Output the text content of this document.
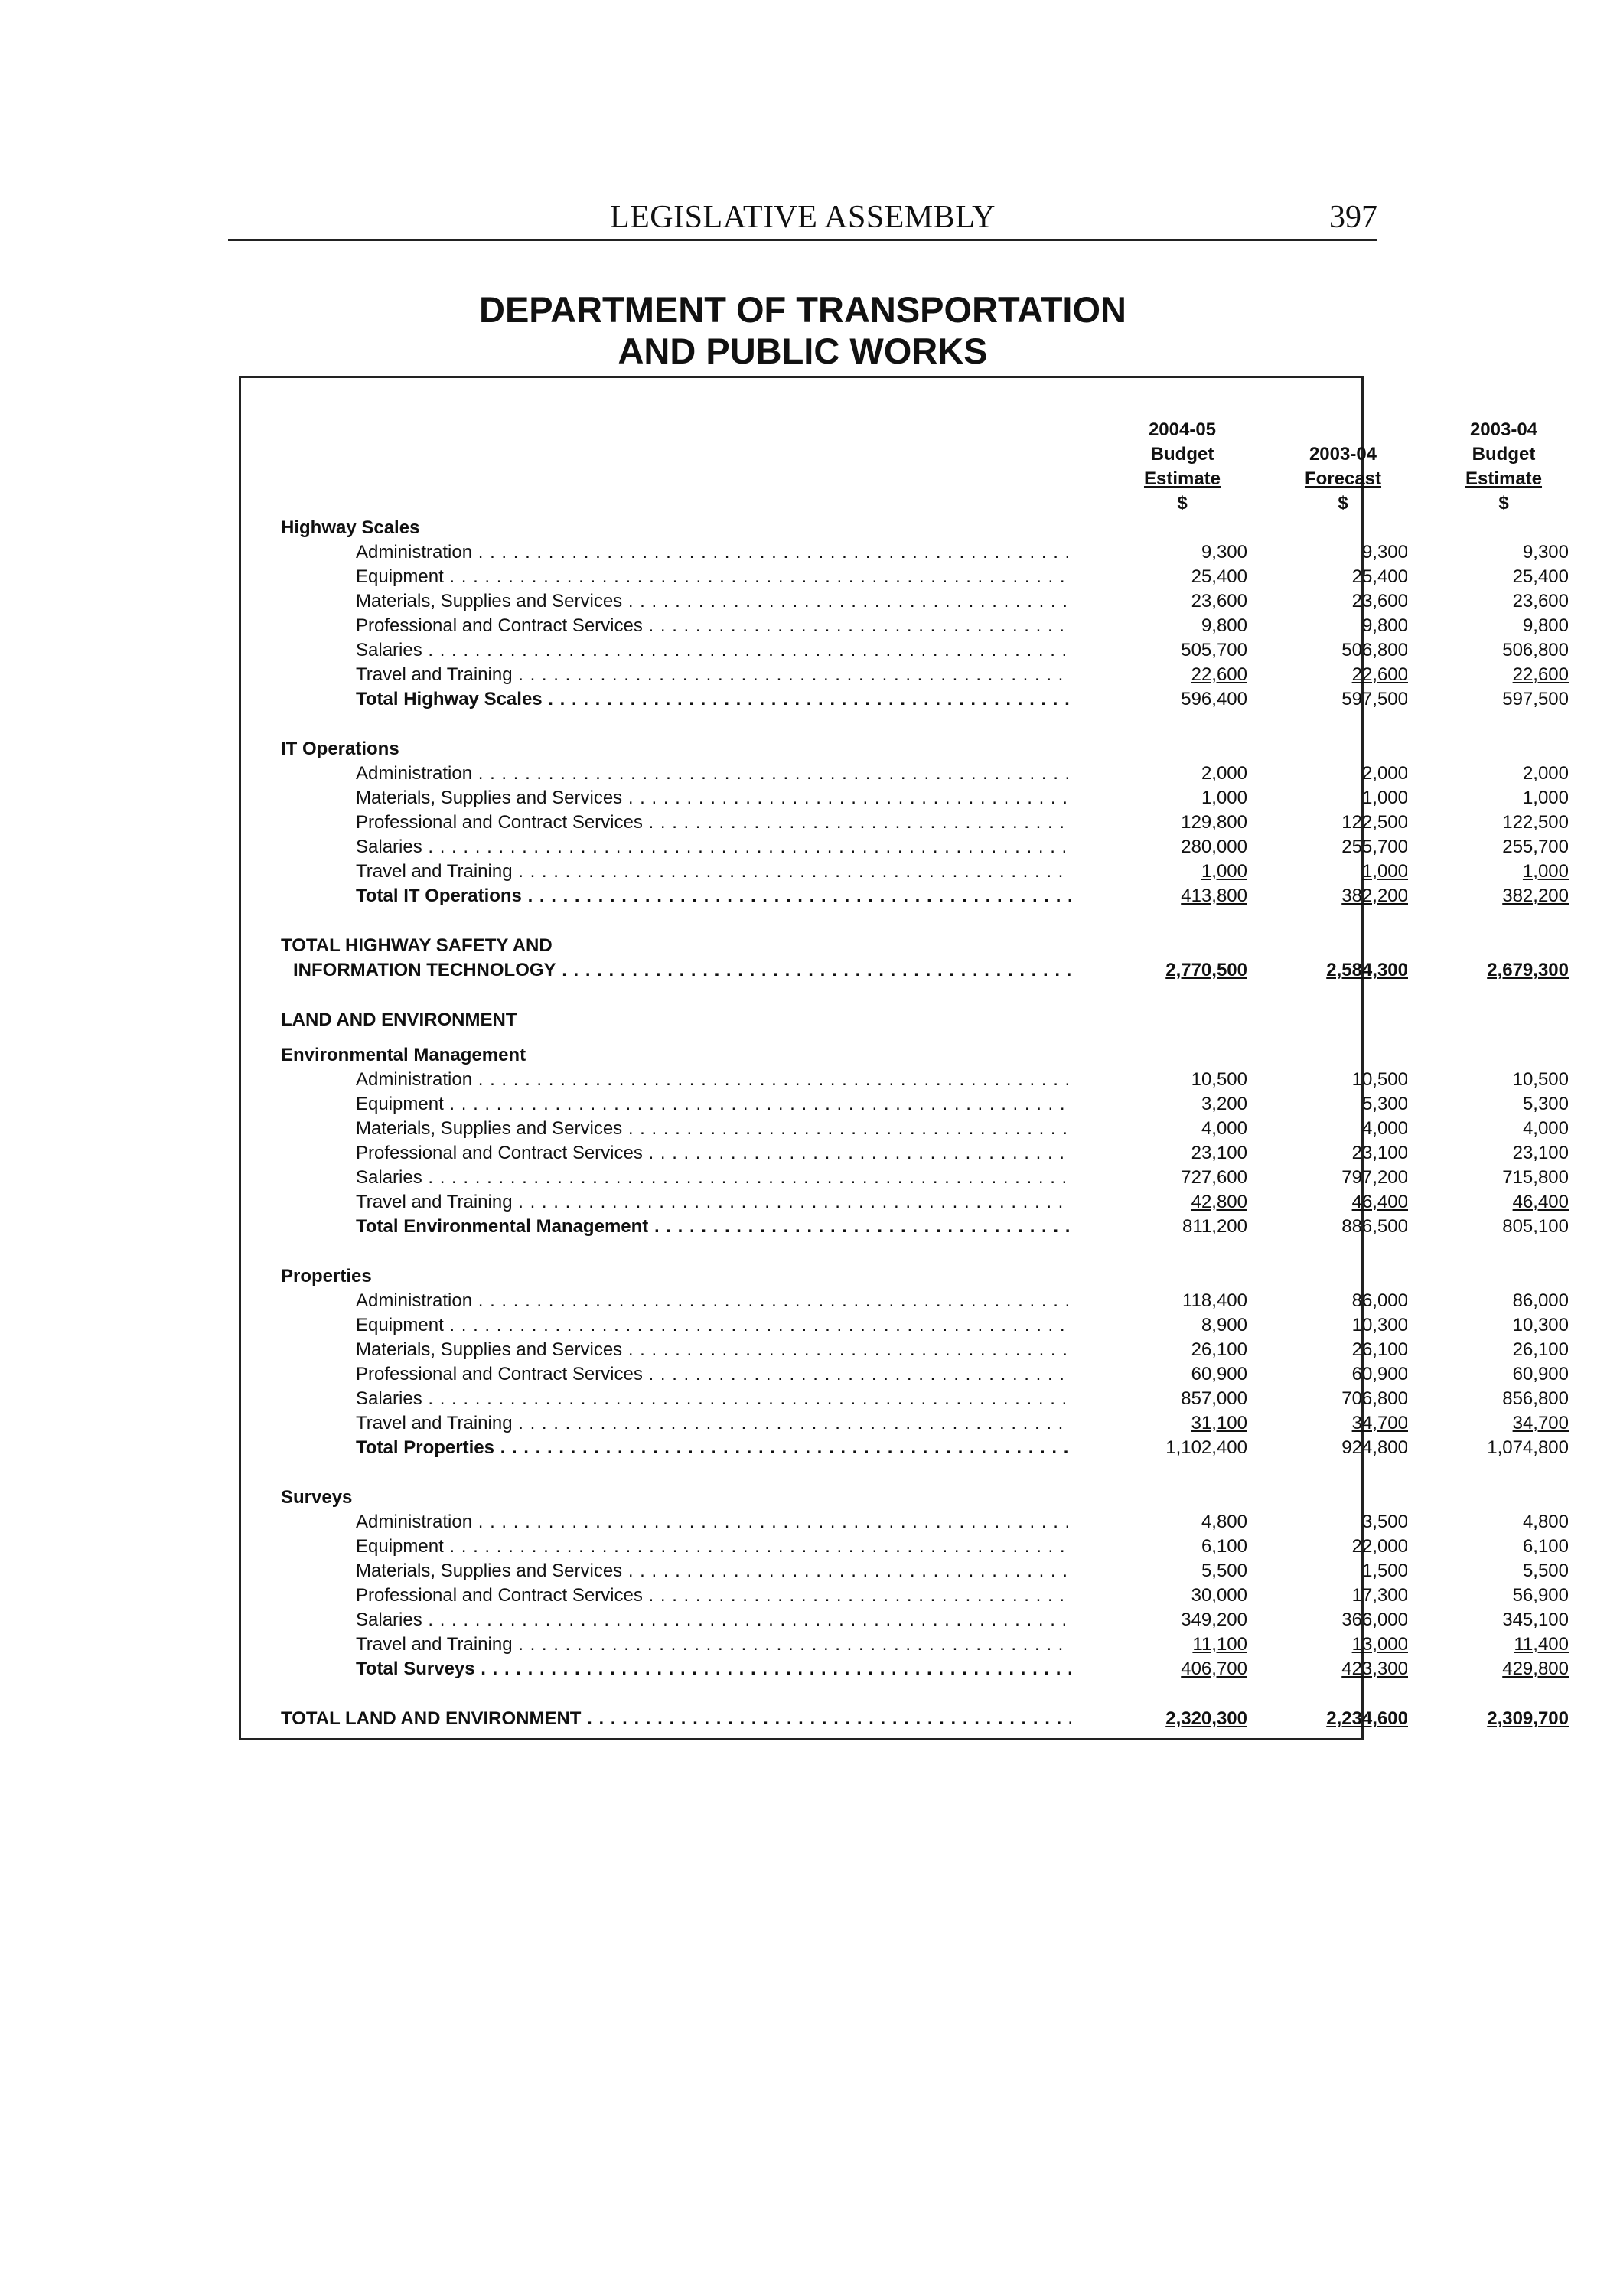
LEGISLATIVE ASSEMBLY	397
DEPARTMENT OF TRANSPORTATION
AND PUBLIC WORKS
2004-05
Budget
Estimate
$

2003-04
Forecast
$
2003-04
Budget
Estimate
$
Highway Scales
Administration . . .	9,300	9,300	9,300
Equipment . . .	25,400	25,400	25,400
Materials, Supplies and Services . . .	23,600	23,600	23,600
Professional and Contract Services . . .	9,800	9,800	9,800
Salaries . . .	505,700	506,800	506,800
Travel and Training . . .	22,600	22,600	22,600
Total Highway Scales . . .	596,400	597,500	597,500
IT Operations
Administration . . .	2,000	2,000	2,000
Materials, Supplies and Services . . .	1,000	1,000	1,000
Professional and Contract Services . . .	129,800	122,500	122,500
Salaries . . .	280,000	255,700	255,700
Travel and Training . . .	1,000	1,000	1,000
Total IT Operations . . .	413,800	382,200	382,200
TOTAL HIGHWAY SAFETY AND
INFORMATION TECHNOLOGY . . .	2,770,500	2,584,300	2,679,300
LAND AND ENVIRONMENT
Environmental Management
Administration . . .	10,500	10,500	10,500
Equipment . . .	3,200	5,300	5,300
Materials, Supplies and Services . . .	4,000	4,000	4,000
Professional and Contract Services . . .	23,100	23,100	23,100
Salaries . . .	727,600	797,200	715,800
Travel and Training . . .	42,800	46,400	46,400
Total Environmental Management . . .	811,200	886,500	805,100
Properties
Administration . . .	118,400	86,000	86,000
Equipment . . .	8,900	10,300	10,300
Materials, Supplies and Services . . .	26,100	26,100	26,100
Professional and Contract Services . . .	60,900	60,900	60,900
Salaries . . .	857,000	706,800	856,800
Travel and Training . . .	31,100	34,700	34,700
Total Properties . . .	1,102,400	924,800	1,074,800
Surveys
Administration . . .	4,800	3,500	4,800
Equipment . . .	6,100	22,000	6,100
Materials, Supplies and Services . . .	5,500	1,500	5,500
Professional and Contract Services . . .	30,000	17,300	56,900
Salaries . . .	349,200	366,000	345,100
Travel and Training . . .	11,100	13,000	11,400
Total Surveys . . .	406,700	423,300	429,800
TOTAL LAND AND ENVIRONMENT . . .	2,320,300	2,234,600	2,309,700
